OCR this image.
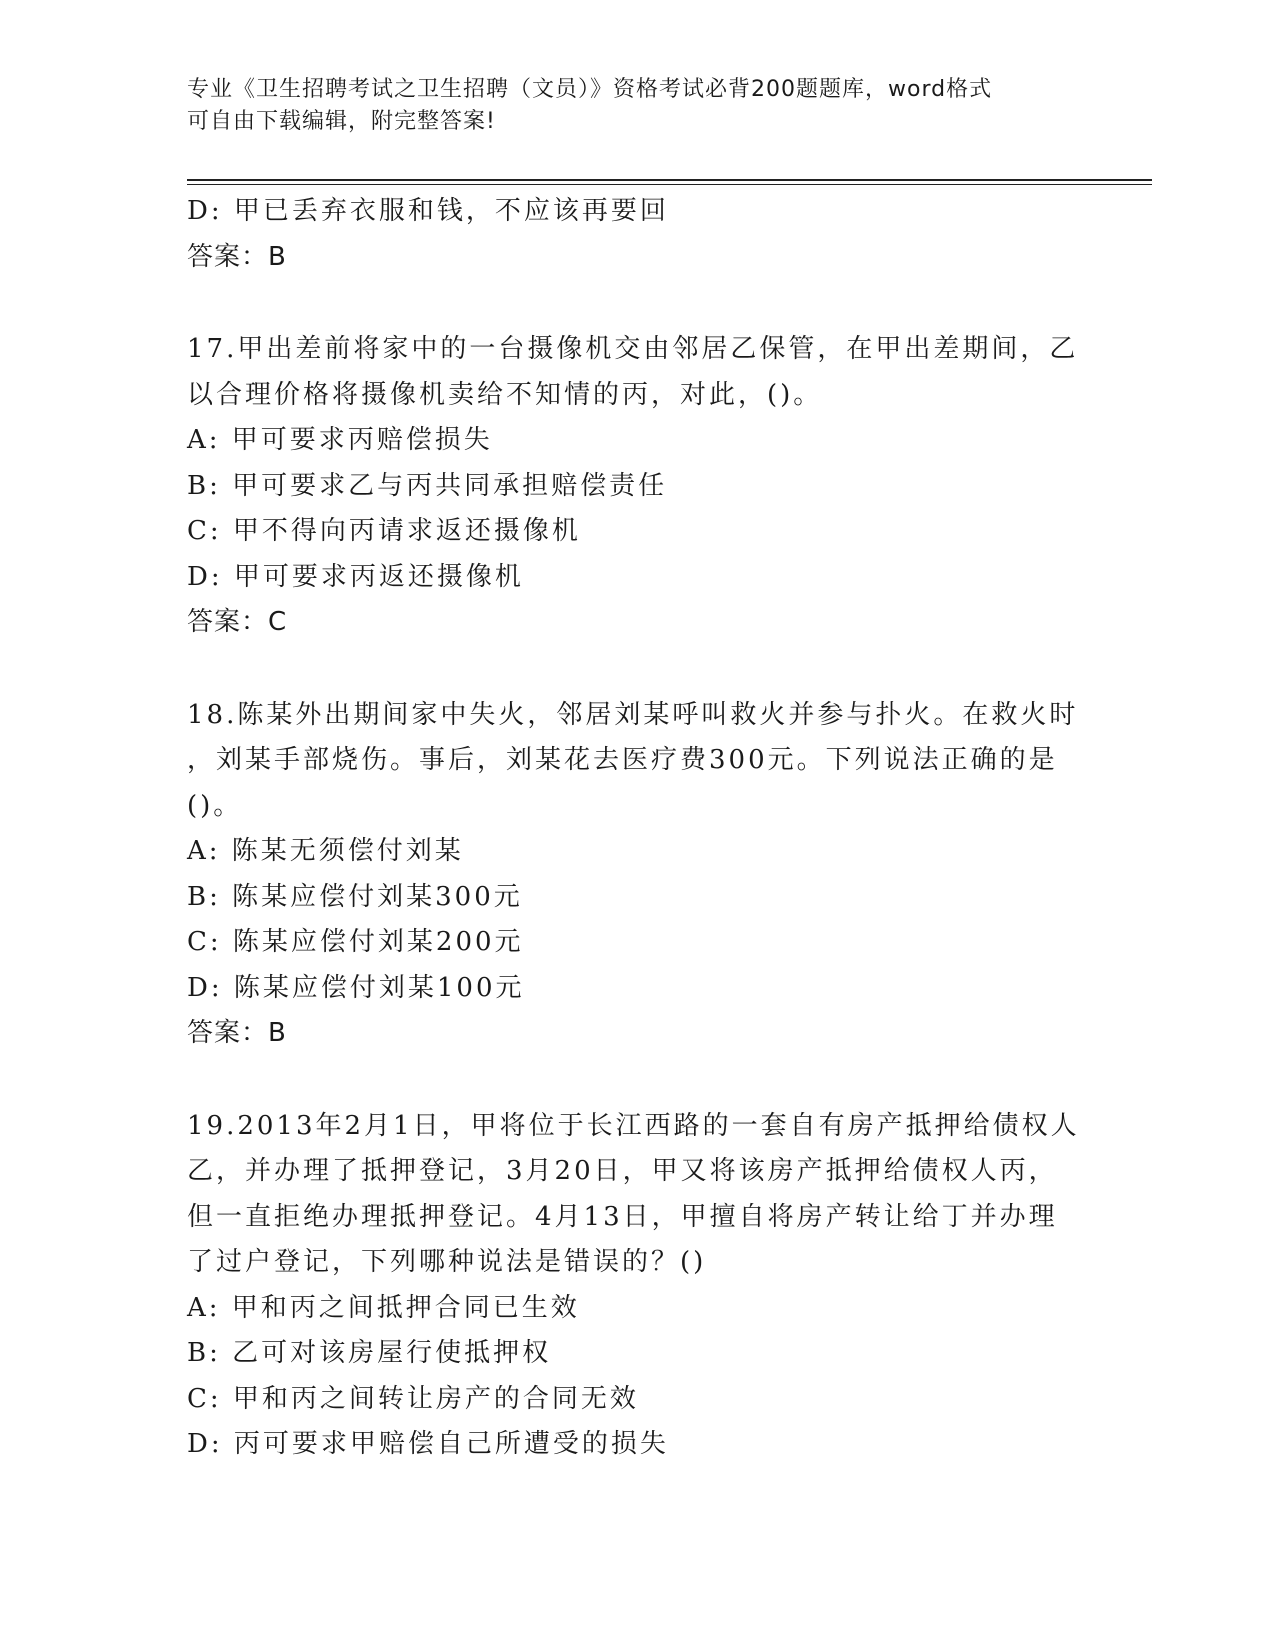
专业《卫生招聘考试之卫生招聘（文员）》资格考试必背200题题库，word格式
可自由下载编辑，附完整答案!
D: 甲已丢弃衣服和钱，不应该再要回
答案：B
17.甲出差前将家中的一台摄像机交由邻居乙保管，在甲出差期间，乙
以合理价格将摄像机卖给不知情的丙，对此，()。
A: 甲可要求丙赔偿损失
B: 甲可要求乙与丙共同承担赔偿责任
C: 甲不得向丙请求返还摄像机
D: 甲可要求丙返还摄像机
答案：C
18.陈某外出期间家中失火，邻居刘某呼叫救火并参与扑火。在救火时
，刘某手部烧伤。事后，刘某花去医疗费300元。下列说法正确的是
()。
A: 陈某无须偿付刘某
B: 陈某应偿付刘某300元
C: 陈某应偿付刘某200元
D: 陈某应偿付刘某100元
答案：B
19.2013年2月1日，甲将位于长江西路的一套自有房产抵押给债权人
乙，并办理了抵押登记，3月20日，甲又将该房产抵押给债权人丙，
但一直拒绝办理抵押登记。4月13日，甲擅自将房产转让给丁并办理
了过户登记，下列哪种说法是错误的？()
A: 甲和丙之间抵押合同已生效
B: 乙可对该房屋行使抵押权
C: 甲和丙之间转让房产的合同无效
D: 丙可要求甲赔偿自己所遭受的损失
